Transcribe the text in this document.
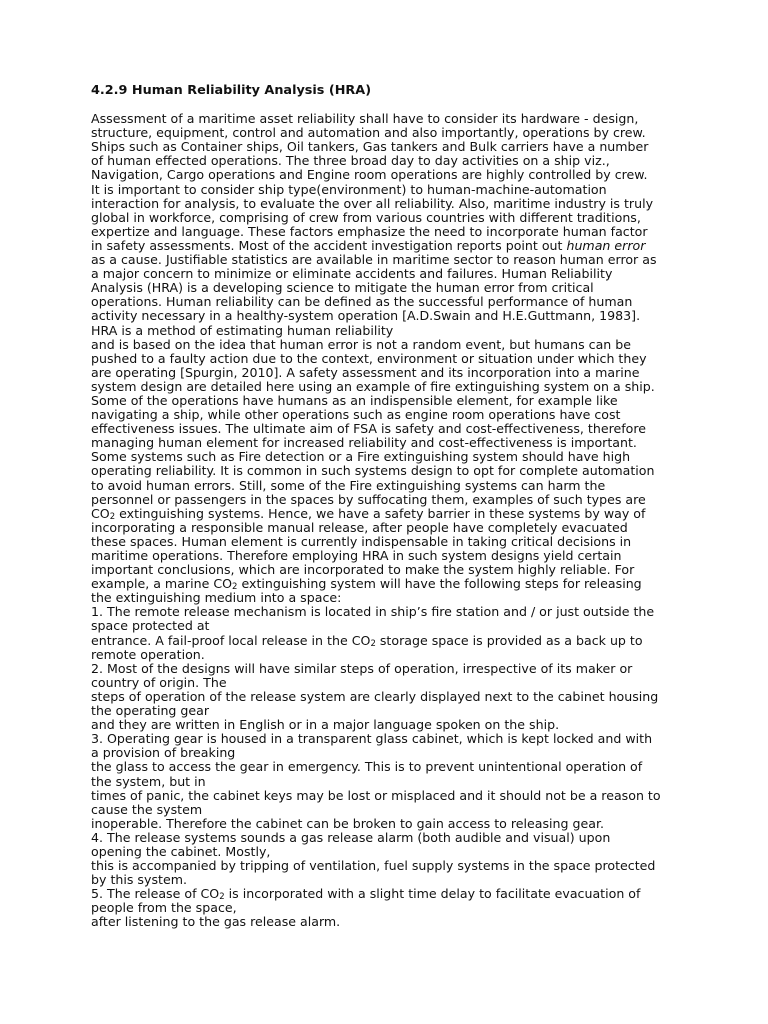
4.2.9 Human Reliability Analysis (HRA)
Assessment of a maritime asset reliability shall have to consider its hardware - design,
structure, equipment, control and automation and also importantly, operations by crew.
Ships such as Container ships, Oil tankers, Gas tankers and Bulk carriers have a number
of human effected operations. The three broad day to day activities on a ship viz.,
Navigation, Cargo operations and Engine room operations are highly controlled by crew.
It is important to consider ship type(environment) to human-machine-automation
interaction for analysis, to evaluate the over all reliability. Also, maritime industry is truly
global in workforce, comprising of crew from various countries with different traditions,
expertize and language. These factors emphasize the need to incorporate human factor
in safety assessments. Most of the accident investigation reports point out human error
as a cause. Justifiable statistics are available in maritime sector to reason human error as
a major concern to minimize or eliminate accidents and failures. Human Reliability
Analysis (HRA) is a developing science to mitigate the human error from critical
operations. Human reliability can be defined as the successful performance of human
activity necessary in a healthy-system operation [A.D.Swain and H.E.Guttmann, 1983].
HRA is a method of estimating human reliability
and is based on the idea that human error is not a random event, but humans can be
pushed to a faulty action due to the context, environment or situation under which they
are operating [Spurgin, 2010]. A safety assessment and its incorporation into a marine
system design are detailed here using an example of fire extinguishing system on a ship.
Some of the operations have humans as an indispensible element, for example like
navigating a ship, while other operations such as engine room operations have cost
effectiveness issues. The ultimate aim of FSA is safety and cost-effectiveness, therefore
managing human element for increased reliability and cost-effectiveness is important.
Some systems such as Fire detection or a Fire extinguishing system should have high
operating reliability. It is common in such systems design to opt for complete automation
to avoid human errors. Still, some of the Fire extinguishing systems can harm the
personnel or passengers in the spaces by suffocating them, examples of such types are
$CO_2$ extinguishing systems. Hence, we have a safety barrier in these systems by way of
incorporating a responsible manual release, after people have completely evacuated
these spaces. Human element is currently indispensable in taking critical decisions in
maritime operations. Therefore employing HRA in such system designs yield certain
important conclusions, which are incorporated to make the system highly reliable. For
example, a marine $CO_2$ extinguishing system will have the following steps for releasing
the extinguishing medium into a space:
1. The remote release mechanism is located in ship’s fire station and / or just outside the
space protected at
entrance. A fail-proof local release in the $CO_2$ storage space is provided as a back up to
remote operation.
2. Most of the designs will have similar steps of operation, irrespective of its maker or
country of origin. The
steps of operation of the release system are clearly displayed next to the cabinet housing
the operating gear
and they are written in English or in a major language spoken on the ship.
3. Operating gear is housed in a transparent glass cabinet, which is kept locked and with
a provision of breaking
the glass to access the gear in emergency. This is to prevent unintentional operation of
the system, but in
times of panic, the cabinet keys may be lost or misplaced and it should not be a reason to
cause the system
inoperable. Therefore the cabinet can be broken to gain access to releasing gear.
4. The release systems sounds a gas release alarm (both audible and visual) upon
opening the cabinet. Mostly,
this is accompanied by tripping of ventilation, fuel supply systems in the space protected
by this system.
5. The release of $CO_2$ is incorporated with a slight time delay to facilitate evacuation of
people from the space,
after listening to the gas release alarm.
